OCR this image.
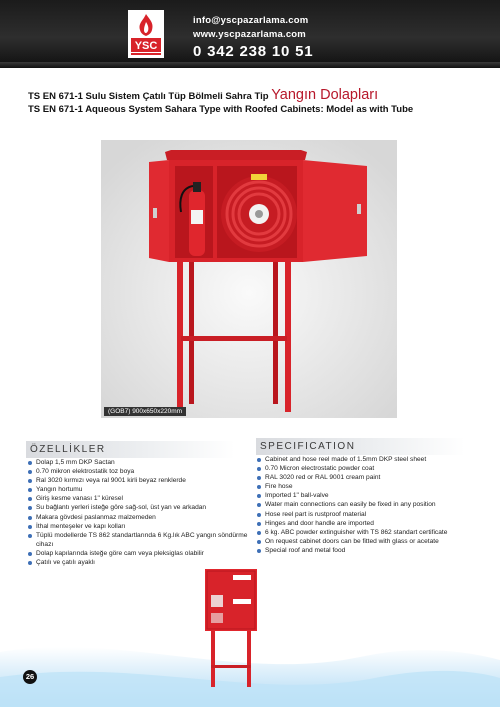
YSC
info@yscpazarlama.com
www.yscpazarlama.com
0 342 238 10 51
TS EN 671-1 Sulu Sistem Çatılı Tüp Bölmeli Sahra Tip Yangın Dolapları
TS EN 671-1 Aqueous System Sahara Type with Roofed Cabinets: Model as with Tube
(GOB7) 900x650x220mm
ÖZELLİKLER
Dolap 1,5 mm DKP Sactan
0.70 mikron elektrostatik toz boya
Ral 3020 kırmızı veya ral 9001 kirli beyaz renklerde
Yangın hortumu
Giriş kesme vanası 1" küresel
Su bağlantı yerleri isteğe göre sağ-sol, üst yan ve arkadan
Makara gövdesi paslanmaz malzemeden
İthal menteşeler ve kapı kolları
Tüplü modellerde TS 862 standartlarında 6 Kg.lık ABC yangın söndürme cihazı
Dolap kapılarında isteğe göre cam veya pleksiglas olabilir
Çatılı ve çatılı ayaklı
SPECIFICATION
Cabinet and hose reel made of 1.5mm DKP steel sheet
0.70 Micron electrostatic powder coat
RAL 3020 red or RAL 9001 cream paint
Fire hose
Imported 1" ball-valve
Water main connections can easily be fixed in any position
Hose reel part is rustproof material
Hinges and door handle are imported
6 kg. ABC powder extinguisher with TS 862 standart certificate
On request cabinet doors can be fitted with glass or acetate
Special roof and metal food
26
